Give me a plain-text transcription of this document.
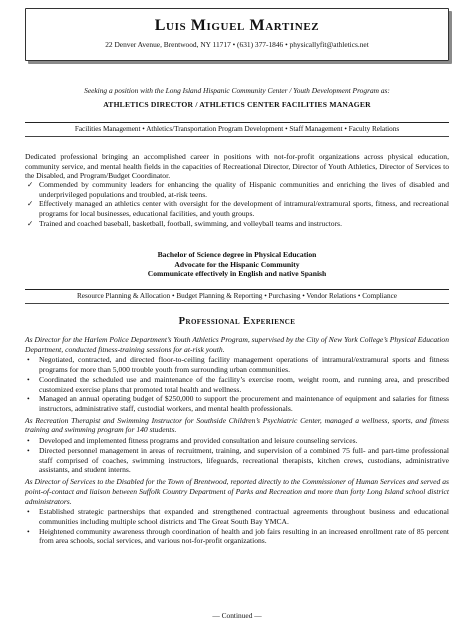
Luis Miguel Martinez
22 Denver Avenue, Brentwood, NY 11717 • (631) 377-1846 • physicallyfit@athletics.net
Seeking a position with the Long Island Hispanic Community Center / Youth Development Program as:
ATHLETICS DIRECTOR / ATHLETICS CENTER FACILITIES MANAGER
Facilities Management • Athletics/Transportation Program Development • Staff Management • Faculty Relations
Dedicated professional bringing an accomplished career in positions with not-for-profit organizations across physical education, community service, and mental health fields in the capacities of Recreational Director, Director of Youth Athletics, Director of Services to the Disabled, and Program/Budget Coordinator.
✓ Commended by community leaders for enhancing the quality of Hispanic communities and enriching the lives of disabled and underprivileged populations and troubled, at-risk teens.
✓ Effectively managed an athletics center with oversight for the development of intramural/extramural sports, fitness, and recreational programs for local businesses, educational facilities, and youth groups.
✓ Trained and coached baseball, basketball, football, swimming, and volleyball teams and instructors.
Bachelor of Science degree in Physical Education
Advocate for the Hispanic Community
Communicate effectively in English and native Spanish
Resource Planning & Allocation • Budget Planning & Reporting • Purchasing • Vendor Relations • Compliance
Professional Experience
As Director for the Harlem Police Department’s Youth Athletics Program, supervised by the City of New York College’s Physical Education Department, conducted fitness-training sessions for at-risk youth.
• Negotiated, contracted, and directed floor-to-ceiling facility management operations of intramural/extramural sports and fitness programs for more than 5,000 trouble youth from surrounding urban communities.
• Coordinated the scheduled use and maintenance of the facility’s exercise room, weight room, and running area, and prescribed customized exercise plans that promoted total health and wellness.
• Managed an annual operating budget of $250,000 to support the procurement and maintenance of equipment and salaries for fitness instructors, administrative staff, custodial workers, and mental health professionals.
As Recreation Therapist and Swimming Instructor for Southside Children’s Psychiatric Center, managed a wellness, sports, and fitness training and swimming program for 140 students.
• Developed and implemented fitness programs and provided consultation and leisure counseling services.
• Directed personnel management in areas of recruitment, training, and supervision of a combined 75 full- and part-time professional staff comprised of coaches, swimming instructors, lifeguards, recreational therapists, kitchen crews, custodians, administrative assistants, and student interns.
As Director of Services to the Disabled for the Town of Brentwood, reported directly to the Commissioner of Human Services and served as point-of-contact and liaison between Suffolk Country Department of Parks and Recreation and more than forty Long Island school district administrators.
• Established strategic partnerships that expanded and strengthened contractual agreements throughout business and educational communities including multiple school districts and The Great South Bay YMCA.
• Heightened community awareness through coordination of health and job fairs resulting in an increased enrollment rate of 85 percent from area schools, social services, and various not-for-profit organizations.
— Continued —
